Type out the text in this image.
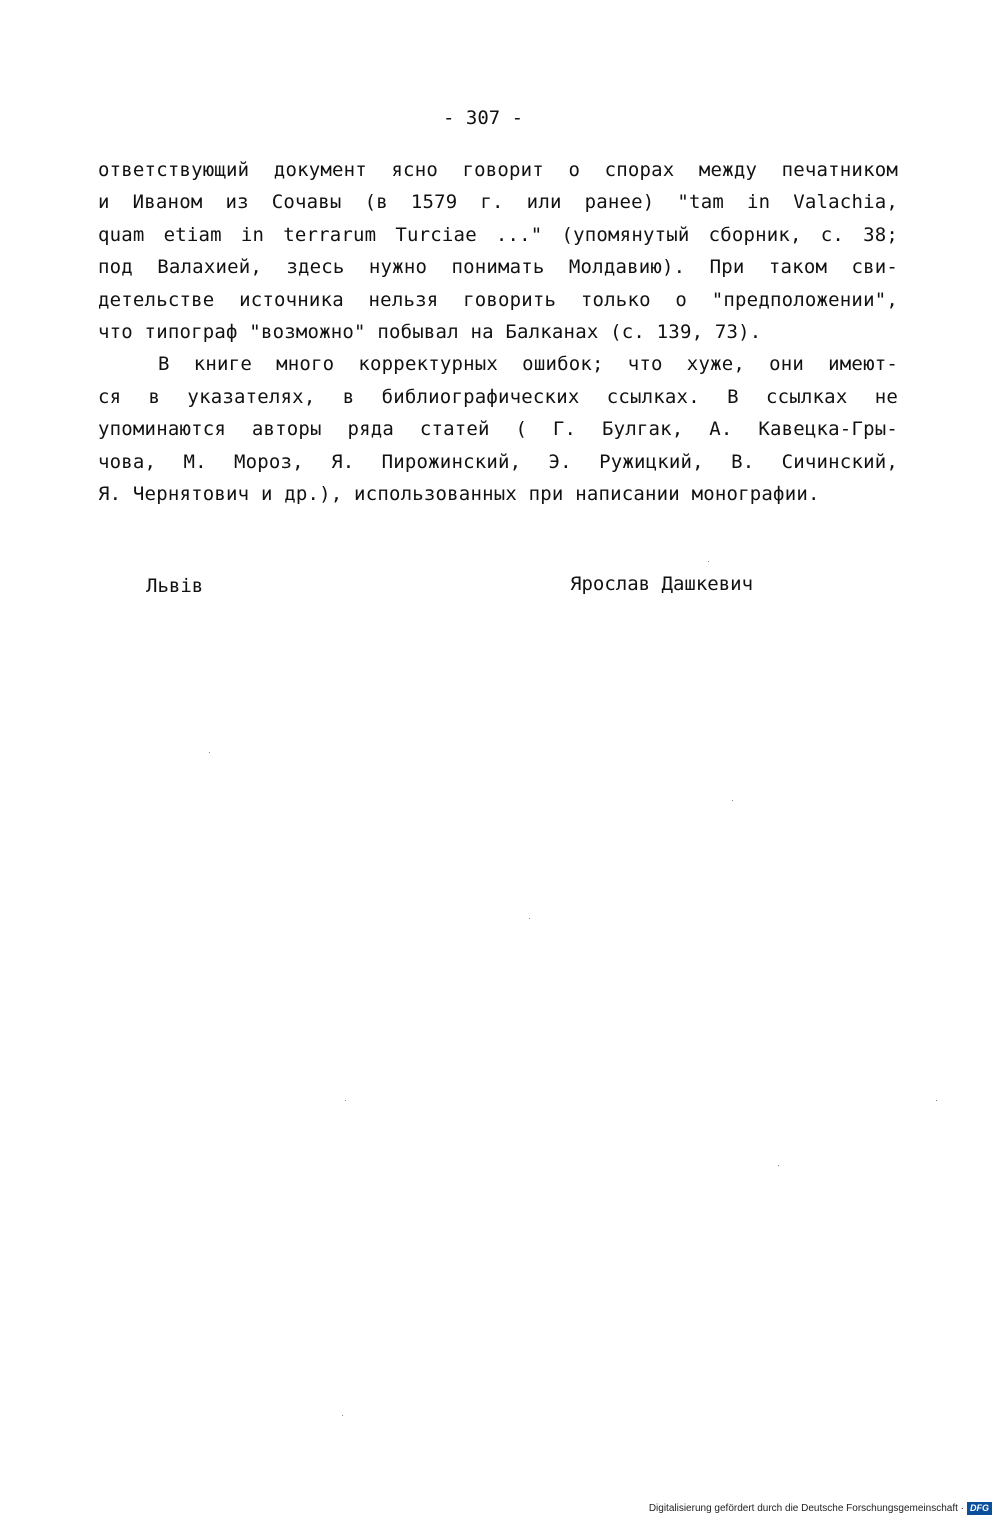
- 307 -
ответствующий документ ясно говорит о спорах между печатником
и Иваном из Сочавы (в 1579 г. или ранее) "tam in Valachia,
quam etiam in terrarum Turciae ..." (упомянутый сборник, с. 38;
под Валахией, здесь нужно понимать Молдавию). При таком сви-
детельстве источника нельзя говорить только о "предположении",
что типограф "возможно" побывал на Балканах (с. 139, 73).
В книге много корректурных ошибок; что хуже, они имеют-
ся в указателях, в библиографических ссылках. В ссылках не
упоминаются авторы ряда статей ( Г. Булгак, А. Кавецка-Гры-
чова, М. Мороз, Я. Пирожинский, Э. Ружицкий, В. Сичинский,
Я. Чернятович и др.), использованных при написании монографии.
Львів	Ярослав Дашкевич
Digitalisierung gefördert durch die Deutsche Forschungsgemeinschaft · DFG
